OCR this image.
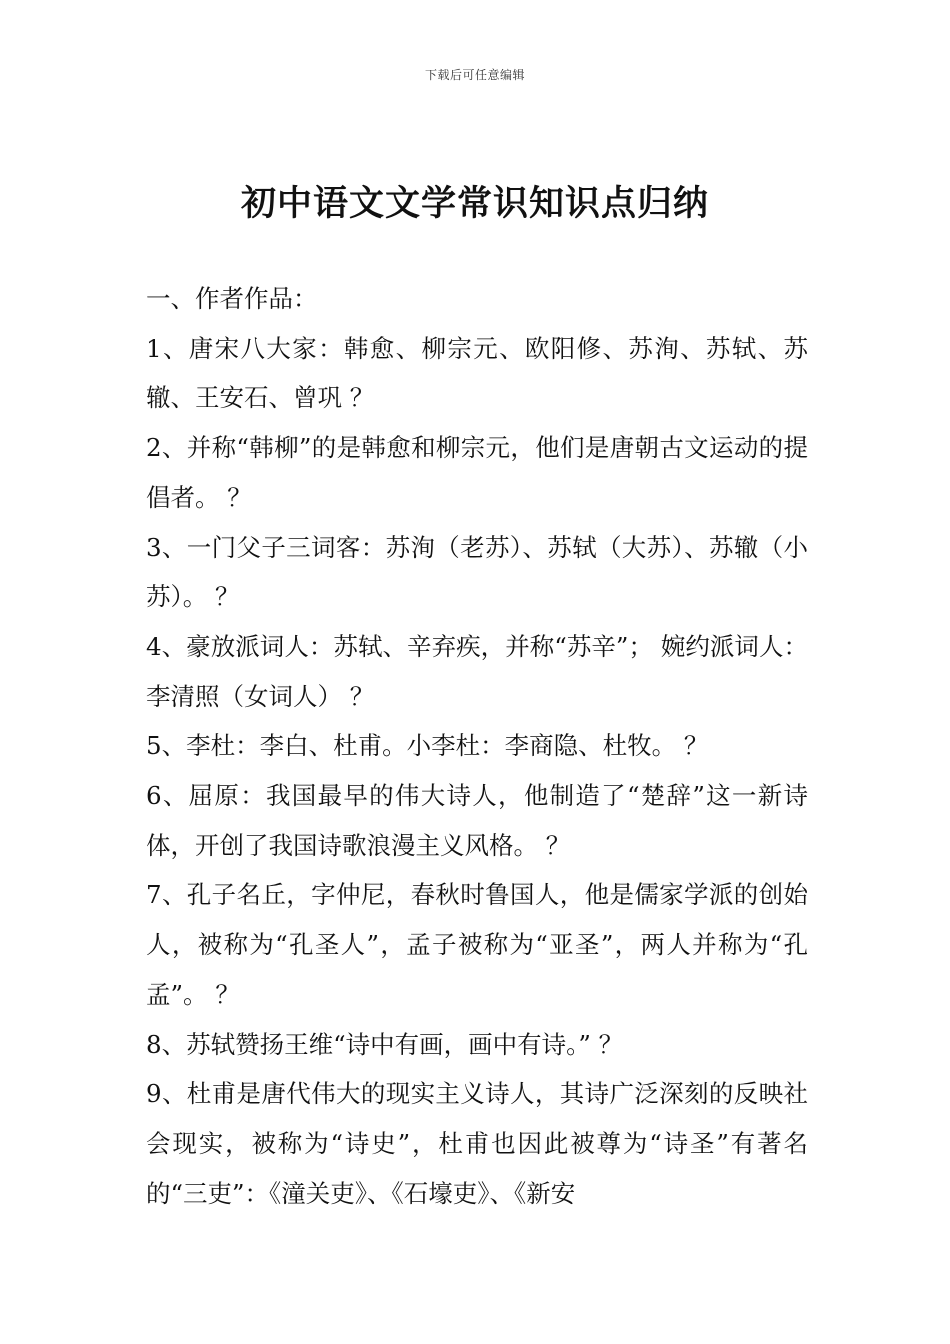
下载后可任意编辑
初中语文文学常识知识点归纳

一、作者作品：

1、唐宋八大家：韩愈、柳宗元、欧阳修、苏洵、苏轼、苏辙、王安石、曾巩 ？

2、并称“韩柳”的是韩愈和柳宗元，他们是唐朝古文运动的提倡者。 ？

3、一门父子三词客：苏洵（老苏）、苏轼（大苏）、苏辙（小苏）。 ？

4、豪放派词人：苏轼、辛弃疾，并称“苏辛”； 婉约派词人：李清照（女词人） ？

5、李杜：李白、杜甫。小李杜：李商隐、杜牧。 ？

6、屈原：我国最早的伟大诗人，他制造了“楚辞”这一新诗体，开创了我国诗歌浪漫主义风格。 ？

7、孔子名丘，字仲尼，春秋时鲁国人，他是儒家学派的创始人，被称为“孔圣人”，孟子被称为“亚圣”，两人并称为“孔孟”。 ？

8、苏轼赞扬王维“诗中有画，画中有诗。” ？

9、杜甫是唐代伟大的现实主义诗人，其诗广泛深刻的反映社会现实，被称为“诗史”，杜甫也因此被尊为“诗圣”有著名的“三吏”：《潼关吏》、《石壕吏》、《新安
